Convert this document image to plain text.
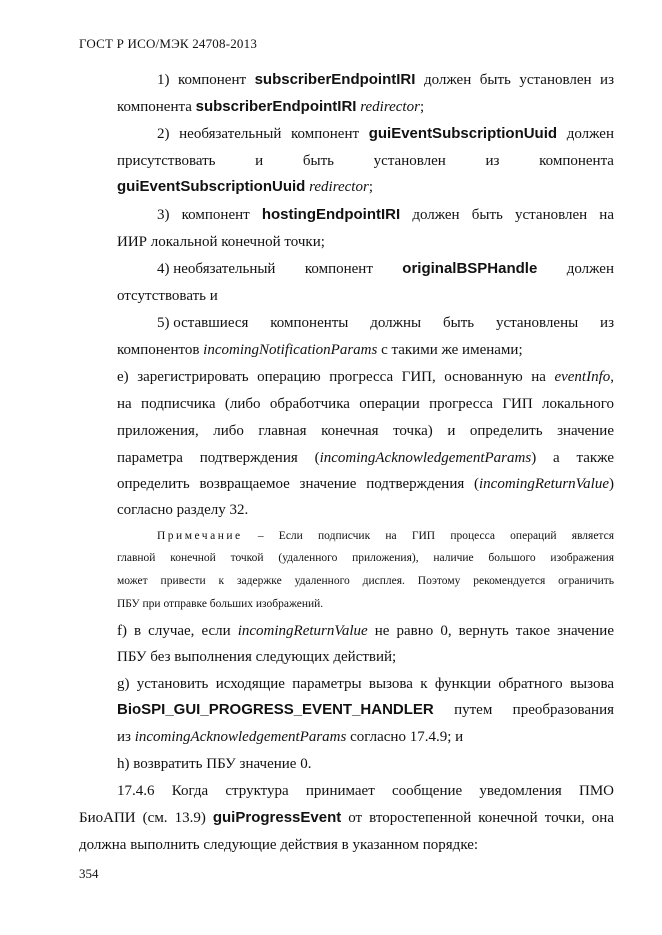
ГОСТ Р ИСО/МЭК 24708-2013
1) компонент subscriberEndpointIRI должен быть установлен из
компонента subscriberEndpointIRI redirector;
2) необязательный компонент guiEventSubscriptionUuid должен
присутствовать	и	быть	установлен	из	компонента
guiEventSubscriptionUuid redirector;
3) компонент hostingEndpointIRI должен быть установлен на
ИИР локальной конечной точки;
4) необязательный компонент originalBSPHandle должен
отсутствовать и
5) оставшиеся компоненты должны быть установлены из
компонентов incomingNotificationParams с такими же именами;
е) зарегистрировать операцию прогресса ГИП, основанную на eventInfo,
на подписчика (либо обработчика операции прогресса ГИП локального
приложения, либо главная конечная точка) и определить значение
параметра подтверждения (incomingAcknowledgementParams) а также
определить возвращаемое значение подтверждения (incomingReturnValue)
согласно разделу 32.
Примечание – Если подписчик на ГИП процесса операций является
главной конечной точкой (удаленного приложения), наличие большого изображения
может привести к задержке удаленного дисплея. Поэтому рекомендуется ограничить
ПБУ при отправке больших изображений.
f) в случае, если incomingReturnValue не равно 0, вернуть такое значение
ПБУ без выполнения следующих действий;
g) установить исходящие параметры вызова к функции обратного вызова
BioSPI_GUI_PROGRESS_EVENT_HANDLER путем преобразования
из incomingAcknowledgementParams согласно 17.4.9; и
h) возвратить ПБУ значение 0.
17.4.6 Когда структура принимает сообщение уведомления ПМО
БиоАПИ (см. 13.9) guiProgressEvent от второстепенной конечной точки, она
должна выполнить следующие действия в указанном порядке:
354
